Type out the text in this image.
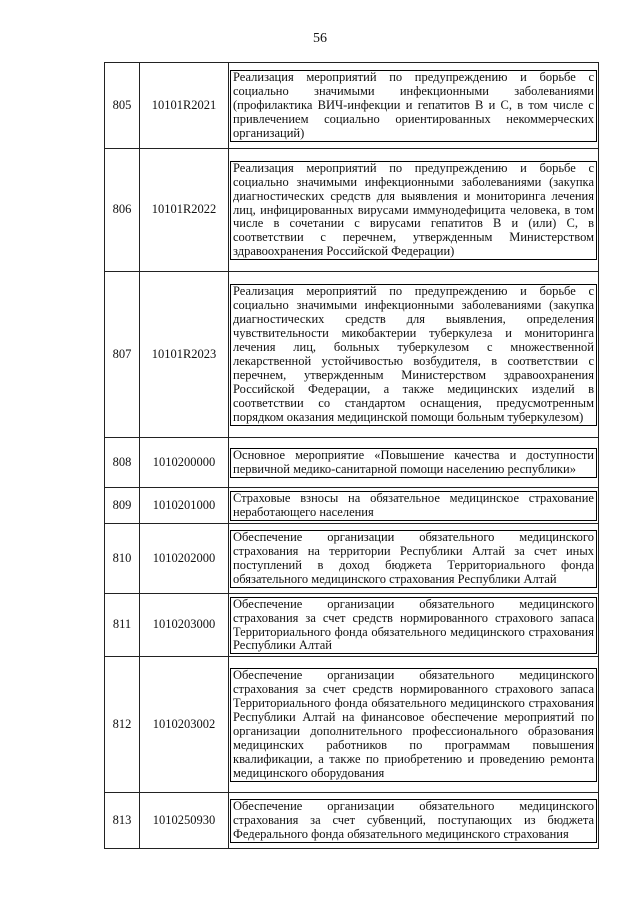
56
805	10101R2021	Реализация мероприятий по предупреждению и борьбе с социально значимыми инфекционными заболеваниями (профилактика ВИЧ-инфекции и гепатитов В и С, в том числе с привлечением социально ориентированных некоммерческих организаций)

806	10101R2022	Реализация мероприятий по предупреждению и борьбе с социально значимыми инфекционными заболеваниями (закупка диагностических средств для выявления и мониторинга лечения лиц, инфицированных вирусами иммунодефицита человека, в том числе в сочетании с вирусами гепатитов В и (или) С, в соответствии с перечнем, утвержденным Министерством здравоохранения Российской Федерации)

807	10101R2023	Реализация мероприятий по предупреждению и борьбе с социально значимыми инфекционными заболеваниями (закупка диагностических средств для выявления, определения чувствительности микобактерии туберкулеза и мониторинга лечения лиц, больных туберкулезом с множественной лекарственной устойчивостью возбудителя, в соответствии с перечнем, утвержденным Министерством здравоохранения Российской Федерации, а также медицинских изделий в соответствии со стандартом оснащения, предусмотренным порядком оказания медицинской помощи больным туберкулезом)

808	1010200000	Основное мероприятие «Повышение качества и доступности первичной медико-санитарной помощи населению республики»

809	1010201000	Страховые взносы на обязательное медицинское страхование неработающего населения

810	1010202000	Обеспечение организации обязательного медицинского страхования на территории Республики Алтай за счет иных поступлений в доход бюджета Территориального фонда обязательного медицинского страхования Республики Алтай

811	1010203000	Обеспечение организации обязательного медицинского страхования за счет средств нормированного страхового запаса Территориального фонда обязательного медицинского страхования Республики Алтай

812	1010203002	Обеспечение организации обязательного медицинского страхования за счет средств нормированного страхового запаса Территориального фонда обязательного медицинского страхования Республики Алтай на финансовое обеспечение мероприятий по организации дополнительного профессионального образования медицинских работников по программам повышения квалификации, а также по приобретению и проведению ремонта медицинского оборудования

813	1010250930	Обеспечение организации обязательного медицинского страхования за счет субвенций, поступающих из бюджета Федерального фонда обязательного медицинского страхования
